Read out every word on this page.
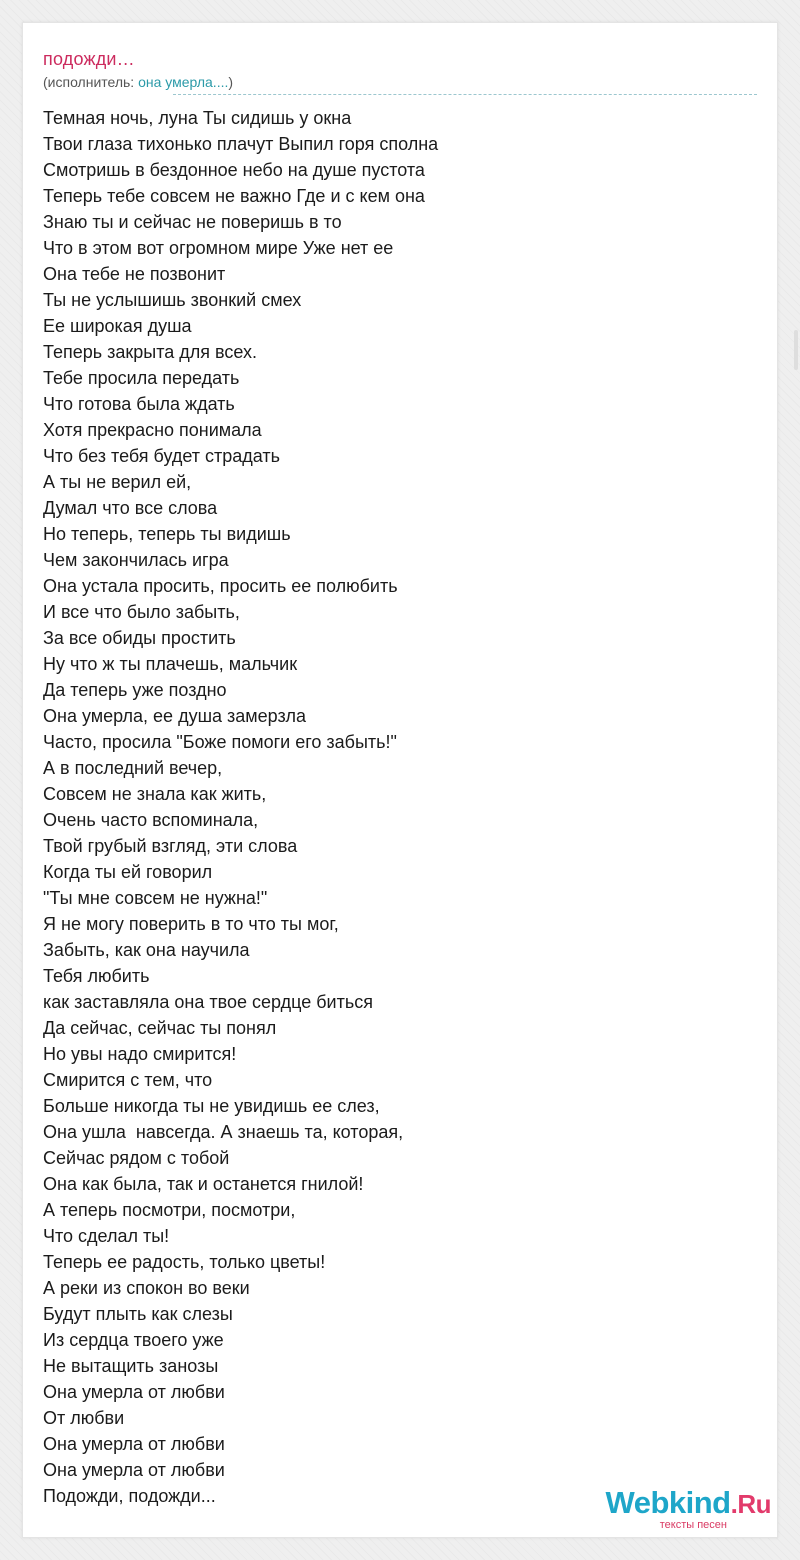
подожди…
(исполнитель: она умерла....)
Темная ночь, луна Ты сидишь у окна
Твои глаза тихонько плачут Выпил горя сполна
Смотришь в бездонное небо на душе пустота
Теперь тебе совсем не важно Где и с кем она
Знаю ты и сейчас не поверишь в то
Что в этом вот огромном мире Уже нет ее
Она тебе не позвонит
Ты не услышишь звонкий смех
Ее широкая душа
Теперь закрыта для всех.
Тебе просила передать
Что готова была ждать
Хотя прекрасно понимала
Что без тебя будет страдать
А ты не верил ей,
Думал что все слова
Но теперь, теперь ты видишь
Чем закончилась игра
Она устала просить, просить ее полюбить
И все что было забыть,
За все обиды простить
Ну что ж ты плачешь, мальчик
Да теперь уже поздно
Она умерла, ее душа замерзла
Часто, просила "Боже помоги его забыть!"
А в последний вечер,
Совсем не знала как жить,
Очень часто вспоминала,
Твой грубый взгляд, эти слова
Когда ты ей говорил
"Ты мне совсем не нужна!"
Я не могу поверить в то что ты мог,
Забыть, как она научила
Тебя любить
как заставляла она твое сердце биться
Да сейчас, сейчас ты понял
Но увы надо смирится!
Смирится с тем, что
Больше никогда ты не увидишь ее слез,
Она ушла  навсегда. А знаешь та, которая,
Сейчас рядом с тобой
Она как была, так и останется гнилой!
А теперь посмотри, посмотри,
Что сделал ты!
Теперь ее радость, только цветы!
А реки из спокон во веки
Будут плыть как слезы
Из сердца твоего уже
Не вытащить занозы
Она умерла от любви
От любви
Она умерла от любви
Она умерла от любви
Подожди, подожди...	Webkind.Ru
тексты песен
